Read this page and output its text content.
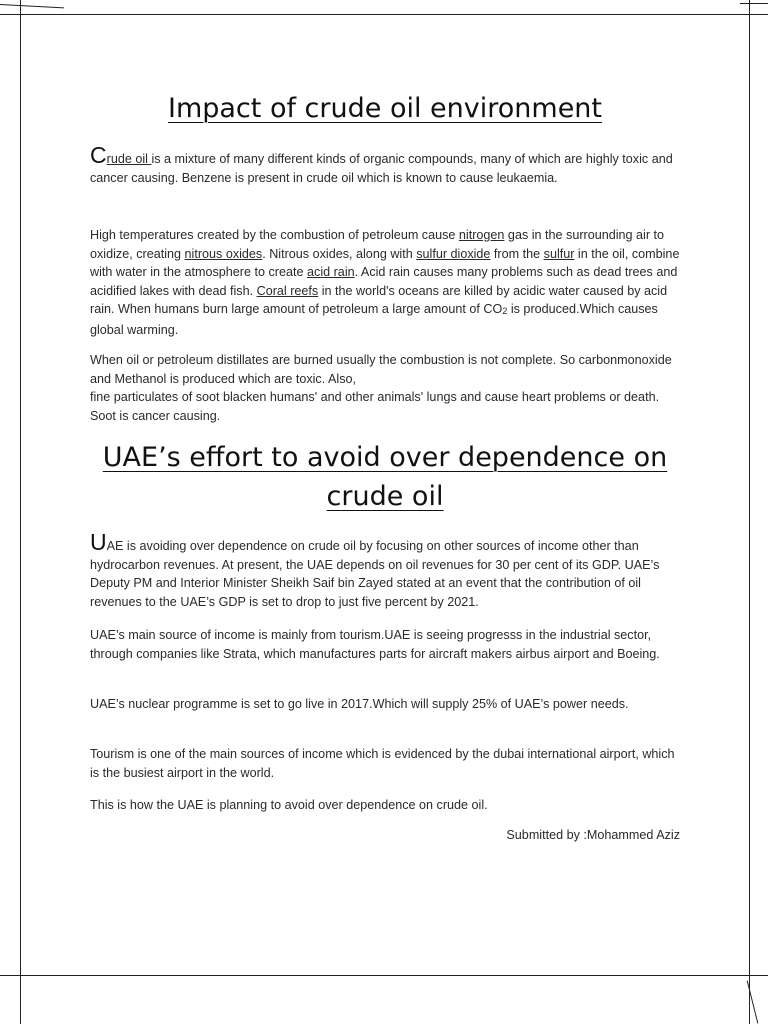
Impact of crude oil environment

Crude oil is a mixture of many different kinds of organic compounds, many of which are highly toxic and cancer causing. Benzene is present in crude oil which is known to cause leukaemia.

High temperatures created by the combustion of petroleum cause nitrogen gas in the surrounding air to oxidize, creating nitrous oxides. Nitrous oxides, along with sulfur dioxide from the sulfur in the oil, combine with water in the atmosphere to create acid rain. Acid rain causes many problems such as dead trees and acidified lakes with dead fish. Coral reefs in the world's oceans are killed by acidic water caused by acid rain. When humans burn large amount of petroleum a large amount of $CO_2$ is produced.Which causes global warming.

When oil or petroleum distillates are burned usually the combustion is not complete. So carbonmonoxide and Methanol is produced which are toxic. Also,
fine particulates of soot blacken humans' and other animals' lungs and cause heart problems or death. Soot is cancer causing.

UAE’s effort to avoid over dependence on crude oil

UAE is avoiding over dependence on crude oil by focusing on other sources of income other than hydrocarbon revenues. At present, the UAE depends on oil revenues for 30 per cent of its GDP. UAE’s Deputy PM and Interior Minister Sheikh Saif bin Zayed stated at an event that the contribution of oil revenues to the UAE’s GDP is set to drop to just five percent by 2021.

UAE’s main source of income is mainly from tourism.UAE is seeing progresss in the industrial sector, through companies like Strata, which manufactures parts for aircraft makers airbus airport and Boeing.

UAE’s nuclear programme is set to go live in 2017.Which will supply 25% of UAE’s power needs.

Tourism is one of the main sources of income which is evidenced by the dubai international airport, which is the busiest airport in the world.

This is how the UAE is planning to avoid over dependence on crude oil.

Submitted by :Mohammed Aziz
